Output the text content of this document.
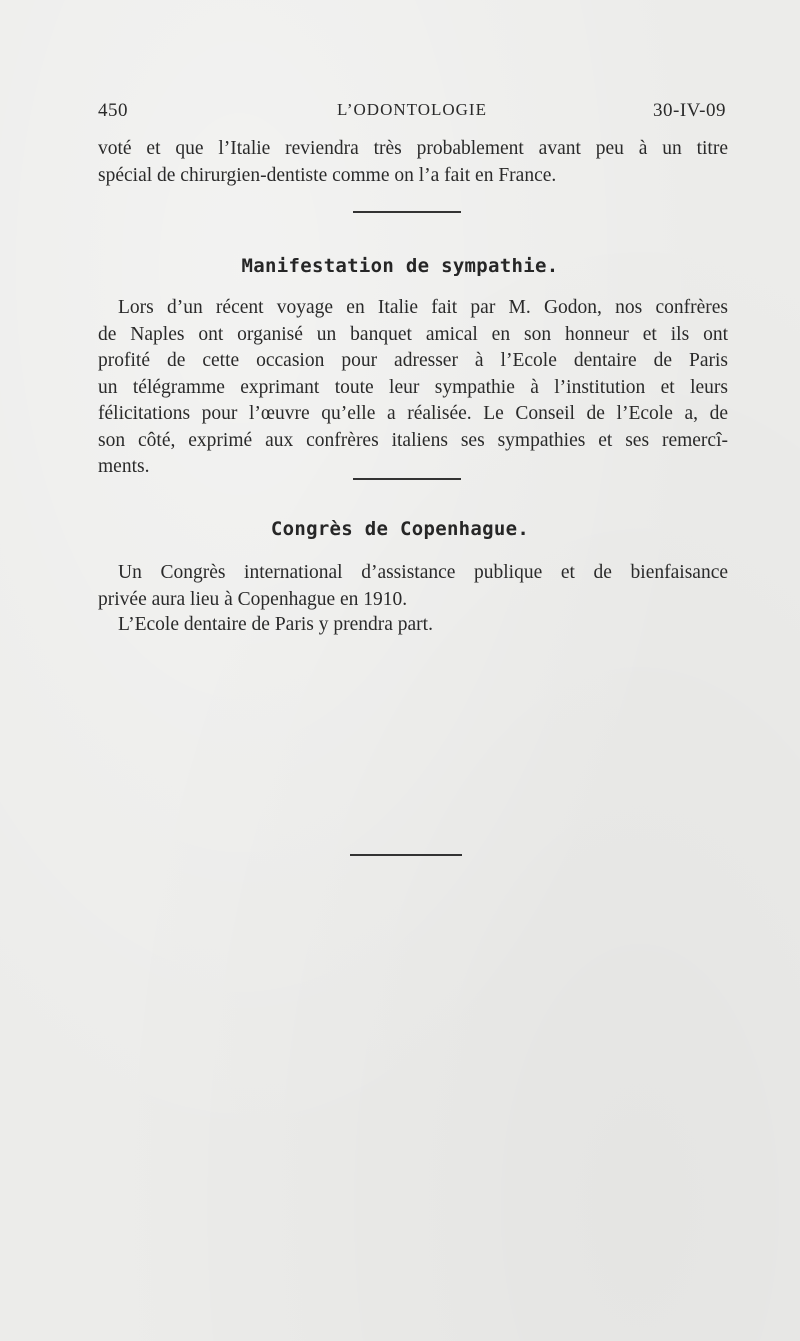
450	L’ODONTOLOGIE	30-IV-09
voté et que l’Italie reviendra très probablement avant peu à un titre
spécial de chirurgien-dentiste comme on l’a fait en France.
Manifestation de sympathie.
Lors d’un récent voyage en Italie fait par M. Godon, nos confrères
de Naples ont organisé un banquet amical en son honneur et ils ont
profité de cette occasion pour adresser à l’Ecole dentaire de Paris
un télégramme exprimant toute leur sympathie à l’institution et leurs
félicitations pour l’œuvre qu’elle a réalisée. Le Conseil de l’Ecole a, de
son côté, exprimé aux confrères italiens ses sympathies et ses remercî-
ments.
Congrès de Copenhague.
Un Congrès international d’assistance publique et de bienfaisance
privée aura lieu à Copenhague en 1910.
L’Ecole dentaire de Paris y prendra part.
